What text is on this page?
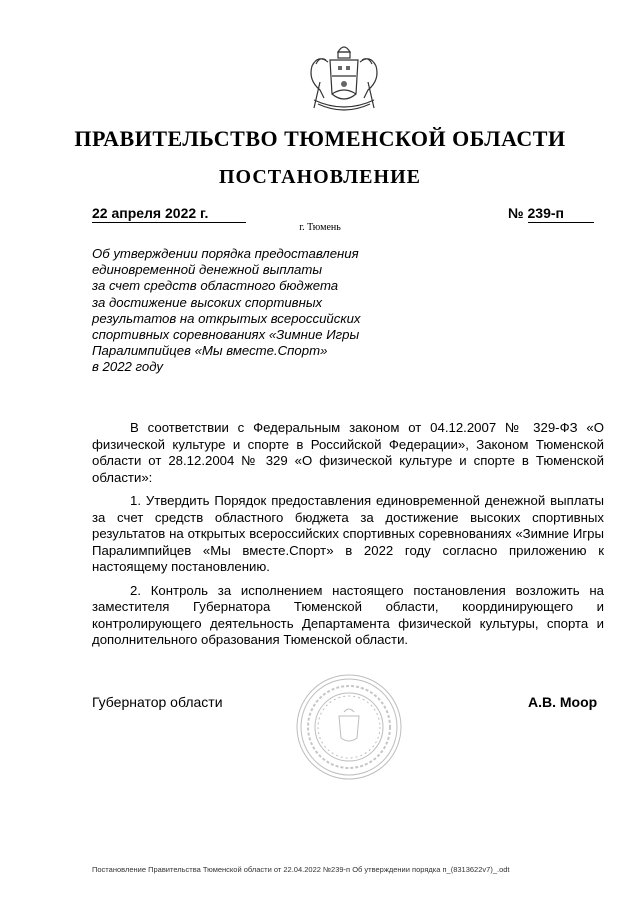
ПРАВИТЕЛЬСТВО ТЮМЕНСКОЙ ОБЛАСТИ
ПОСТАНОВЛЕНИЕ
22 апреля 2022 г.	№ 239-п
г. Тюмень
Об утверждении порядка предоставления
единовременной денежной выплаты
за счет средств областного бюджета
за достижение высоких спортивных
результатов на открытых всероссийских
спортивных соревнованиях «Зимние Игры
Паралимпийцев «Мы вместе.Спорт»
в 2022 году

В соответствии с Федеральным законом от 04.12.2007 № 329-ФЗ «О физической культуре и спорте в Российской Федерации», Законом Тюменской области от 28.12.2004 № 329 «О физической культуре и спорте в Тюменской области»:

1. Утвердить Порядок предоставления единовременной денежной выплаты за счет средств областного бюджета за достижение высоких спортивных результатов на открытых всероссийских спортивных соревнованиях «Зимние Игры Паралимпийцев «Мы вместе.Спорт» в 2022 году согласно приложению к настоящему постановлению.

2. Контроль за исполнением настоящего постановления возложить на заместителя Губернатора Тюменской области, координирующего и контролирующего деятельность Департамента физической культуры, спорта и дополнительного образования Тюменской области.

Губернатор области	А.В. Моор
Постановление Правительства Тюменской области от 22.04.2022 №239-п Об утверждении порядка п_(8313622v7)_.odt
